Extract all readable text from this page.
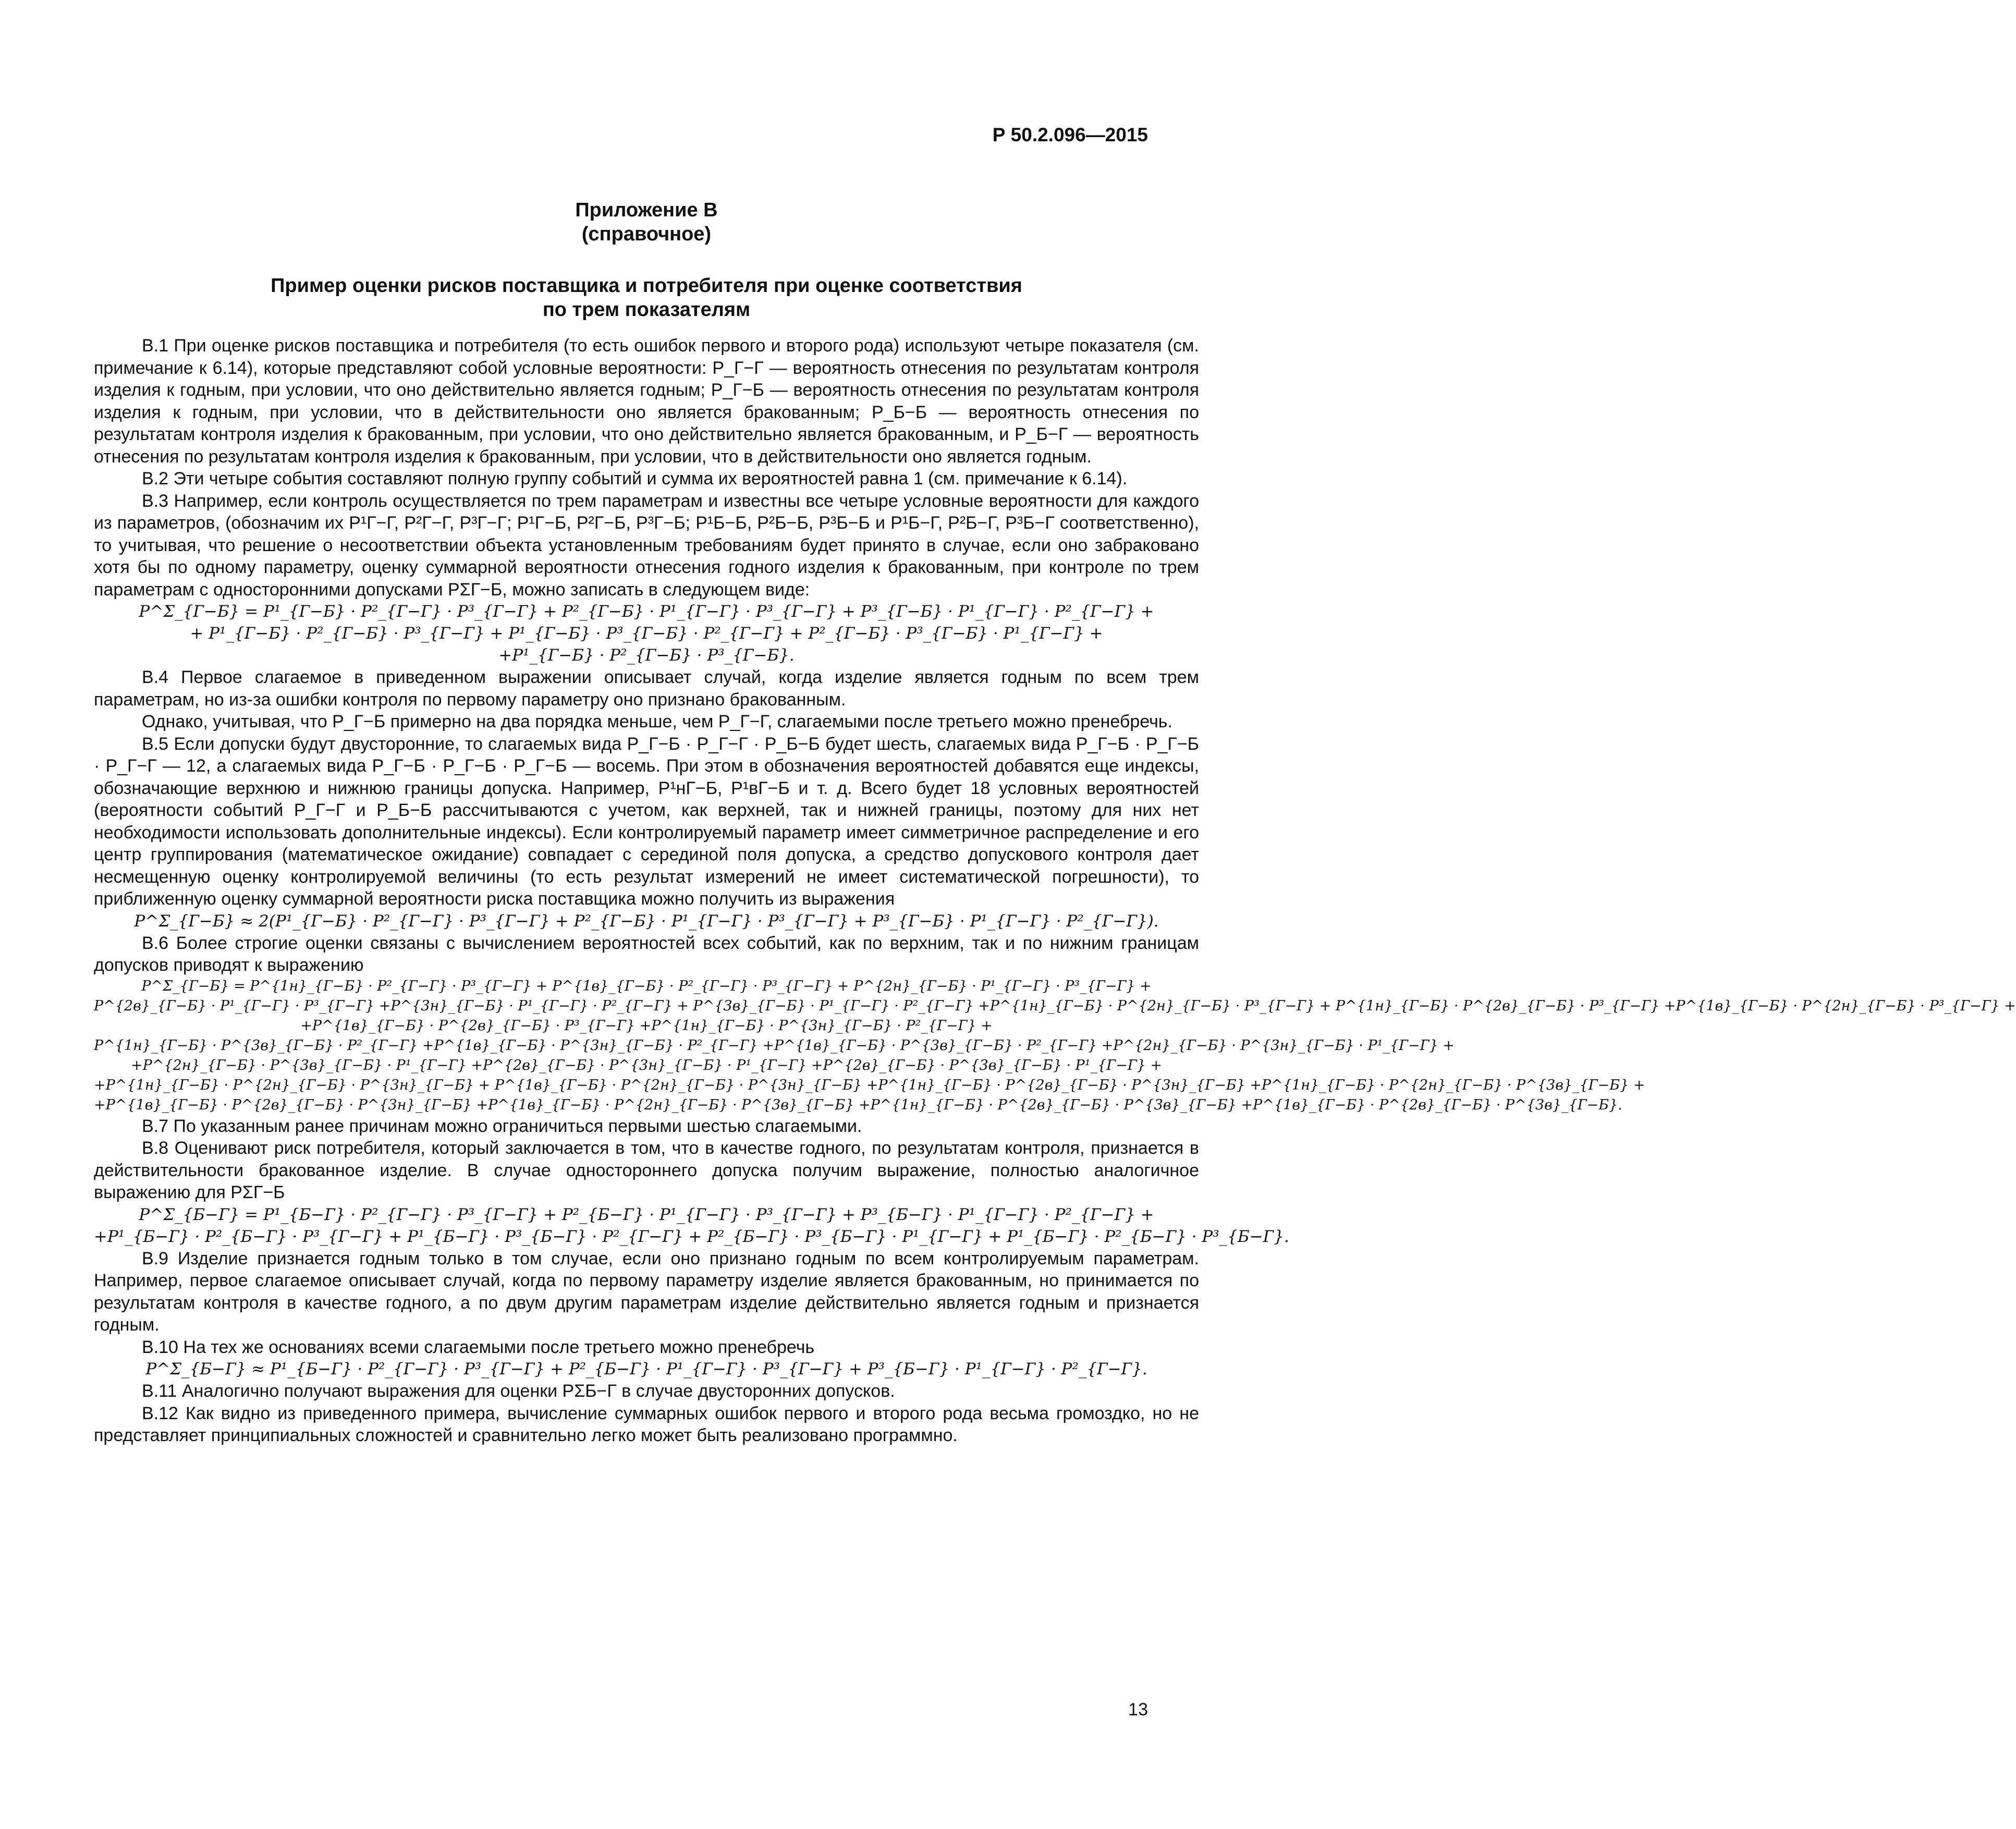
Р 50.2.096—2015
Приложение В
(справочное)
Пример оценки рисков поставщика и потребителя при оценке соответствия
по трем показателям

В.1 При оценке рисков поставщика и потребителя (то есть ошибок первого и второго рода) используют четыре показателя (см. примечание к 6.14), которые представляют собой условные вероятности: P_Г−Г — вероятность отнесения по результатам контроля изделия к годным, при условии, что оно действительно является годным; P_Г−Б — вероятность отнесения по результатам контроля изделия к годным, при условии, что в действительности оно является бракованным; P_Б−Б — вероятность отнесения по результатам контроля изделия к бракованным, при условии, что оно действительно является бракованным, и P_Б−Г — вероятность отнесения по результатам контроля изделия к бракованным, при условии, что в действительности оно является годным.

В.2 Эти четыре события составляют полную группу событий и сумма их вероятностей равна 1 (см. примечание к 6.14).

В.3 Например, если контроль осуществляется по трем параметрам и известны все четыре условные вероятности для каждого из параметров, (обозначим их P¹Г−Г, P²Г−Г, P³Г−Г; P¹Г−Б, P²Г−Б, P³Г−Б; P¹Б−Б, P²Б−Б, P³Б−Б и P¹Б−Г, P²Б−Г, P³Б−Г соответственно), то учитывая, что решение о несоответствии объекта установленным требованиям будет принято в случае, если оно забраковано хотя бы по одному параметру, оценку суммарной вероятности отнесения годного изделия к бракованным, при контроле по трем параметрам с односторонними допусками PΣГ−Б, можно записать в следующем виде:

P^Σ_{Г−Б} = P¹_{Г−Б} · P²_{Г−Г} · P³_{Г−Г} + P²_{Г−Б} · P¹_{Г−Г} · P³_{Г−Г} + P³_{Г−Б} · P¹_{Г−Г} · P²_{Г−Г} +
+ P¹_{Г−Б} · P²_{Г−Б} · P³_{Г−Г} + P¹_{Г−Б} · P³_{Г−Б} · P²_{Г−Г} + P²_{Г−Б} · P³_{Г−Б} · P¹_{Г−Г} +
+P¹_{Г−Б} · P²_{Г−Б} · P³_{Г−Б}.

В.4 Первое слагаемое в приведенном выражении описывает случай, когда изделие является годным по всем трем параметрам, но из-за ошибки контроля по первому параметру оно признано бракованным.

Однако, учитывая, что P_Г−Б примерно на два порядка меньше, чем P_Г−Г, слагаемыми после третьего можно пренебречь.

В.5 Если допуски будут двусторонние, то слагаемых вида P_Г−Б · P_Г−Г · P_Б−Б будет шесть, слагаемых вида P_Г−Б · P_Г−Б · P_Г−Г — 12, а слагаемых вида P_Г−Б · P_Г−Б · P_Г−Б — восемь. При этом в обозначения вероятностей добавятся еще индексы, обозначающие верхнюю и нижнюю границы допуска. Например, P¹нГ−Б, P¹вГ−Б и т. д. Всего будет 18 условных вероятностей (вероятности событий P_Г−Г и P_Б−Б рассчитываются с учетом, как верхней, так и нижней границы, поэтому для них нет необходимости использовать дополнительные индексы). Если контролируемый параметр имеет симметричное распределение и его центр группирования (математическое ожидание) совпадает с серединой поля допуска, а средство допускового контроля дает несмещенную оценку контролируемой величины (то есть результат измерений не имеет систематической погрешности), то приближенную оценку суммарной вероятности риска поставщика можно получить из выражения

P^Σ_{Г−Б} ≈ 2(P¹_{Г−Б} · P²_{Г−Г} · P³_{Г−Г} + P²_{Г−Б} · P¹_{Г−Г} · P³_{Г−Г} + P³_{Г−Б} · P¹_{Г−Г} · P²_{Г−Г}).

В.6 Более строгие оценки связаны с вычислением вероятностей всех событий, как по верхним, так и по нижним границам допусков приводят к выражению

P^Σ_{Г−Б} = P^{1н}_{Г−Б} · P²_{Г−Г} · P³_{Г−Г} + P^{1в}_{Г−Б} · P²_{Г−Г} · P³_{Г−Г} + P^{2н}_{Г−Б} · P¹_{Г−Г} · P³_{Г−Г} +
P^{2в}_{Г−Б} · P¹_{Г−Г} · P³_{Г−Г} +P^{3н}_{Г−Б} · P¹_{Г−Г} · P²_{Г−Г} + P^{3в}_{Г−Б} · P¹_{Г−Г} · P²_{Г−Г} +P^{1н}_{Г−Б} · P^{2н}_{Г−Б} · P³_{Г−Г} + P^{1н}_{Г−Б} · P^{2в}_{Г−Б} · P³_{Г−Г} +P^{1в}_{Г−Б} · P^{2н}_{Г−Б} · P³_{Г−Г} +
+P^{1в}_{Г−Б} · P^{2в}_{Г−Б} · P³_{Г−Г} +P^{1н}_{Г−Б} · P^{3н}_{Г−Б} · P²_{Г−Г} +
P^{1н}_{Г−Б} · P^{3в}_{Г−Б} · P²_{Г−Г} +P^{1в}_{Г−Б} · P^{3н}_{Г−Б} · P²_{Г−Г} +P^{1в}_{Г−Б} · P^{3в}_{Г−Б} · P²_{Г−Г} +P^{2н}_{Г−Б} · P^{3н}_{Г−Б} · P¹_{Г−Г} +
+P^{2н}_{Г−Б} · P^{3в}_{Г−Б} · P¹_{Г−Г} +P^{2в}_{Г−Б} · P^{3н}_{Г−Б} · P¹_{Г−Г} +P^{2в}_{Г−Б} · P^{3в}_{Г−Б} · P¹_{Г−Г} +
+P^{1н}_{Г−Б} · P^{2н}_{Г−Б} · P^{3н}_{Г−Б} + P^{1в}_{Г−Б} · P^{2н}_{Г−Б} · P^{3н}_{Г−Б} +P^{1н}_{Г−Б} · P^{2в}_{Г−Б} · P^{3н}_{Г−Б} +P^{1н}_{Г−Б} · P^{2н}_{Г−Б} · P^{3в}_{Г−Б} +
+P^{1в}_{Г−Б} · P^{2в}_{Г−Б} · P^{3н}_{Г−Б} +P^{1в}_{Г−Б} · P^{2н}_{Г−Б} · P^{3в}_{Г−Б} +P^{1н}_{Г−Б} · P^{2в}_{Г−Б} · P^{3в}_{Г−Б} +P^{1в}_{Г−Б} · P^{2в}_{Г−Б} · P^{3в}_{Г−Б}.

В.7 По указанным ранее причинам можно ограничиться первыми шестью слагаемыми.

В.8 Оценивают риск потребителя, который заключается в том, что в качестве годного, по результатам контроля, признается в действительности бракованное изделие. В случае одностороннего допуска получим выражение, полностью аналогичное выражению для PΣГ−Б

P^Σ_{Б−Г} = P¹_{Б−Г} · P²_{Г−Г} · P³_{Г−Г} + P²_{Б−Г} · P¹_{Г−Г} · P³_{Г−Г} + P³_{Б−Г} · P¹_{Г−Г} · P²_{Г−Г} +
+P¹_{Б−Г} · P²_{Б−Г} · P³_{Г−Г} + P¹_{Б−Г} · P³_{Б−Г} · P²_{Г−Г} + P²_{Б−Г} · P³_{Б−Г} · P¹_{Г−Г} + P¹_{Б−Г} · P²_{Б−Г} · P³_{Б−Г}.

В.9 Изделие признается годным только в том случае, если оно признано годным по всем контролируемым параметрам. Например, первое слагаемое описывает случай, когда по первому параметру изделие является бракованным, но принимается по результатам контроля в качестве годного, а по двум другим параметрам изделие действительно является годным и признается годным.

В.10 На тех же основаниях всеми слагаемыми после третьего можно пренебречь

P^Σ_{Б−Г} ≈ P¹_{Б−Г} · P²_{Г−Г} · P³_{Г−Г} + P²_{Б−Г} · P¹_{Г−Г} · P³_{Г−Г} + P³_{Б−Г} · P¹_{Г−Г} · P²_{Г−Г}.

В.11 Аналогично получают выражения для оценки PΣБ−Г в случае двусторонних допусков.

В.12 Как видно из приведенного примера, вычисление суммарных ошибок первого и второго рода весьма громоздко, но не представляет принципиальных сложностей и сравнительно легко может быть реализовано программно.

13
